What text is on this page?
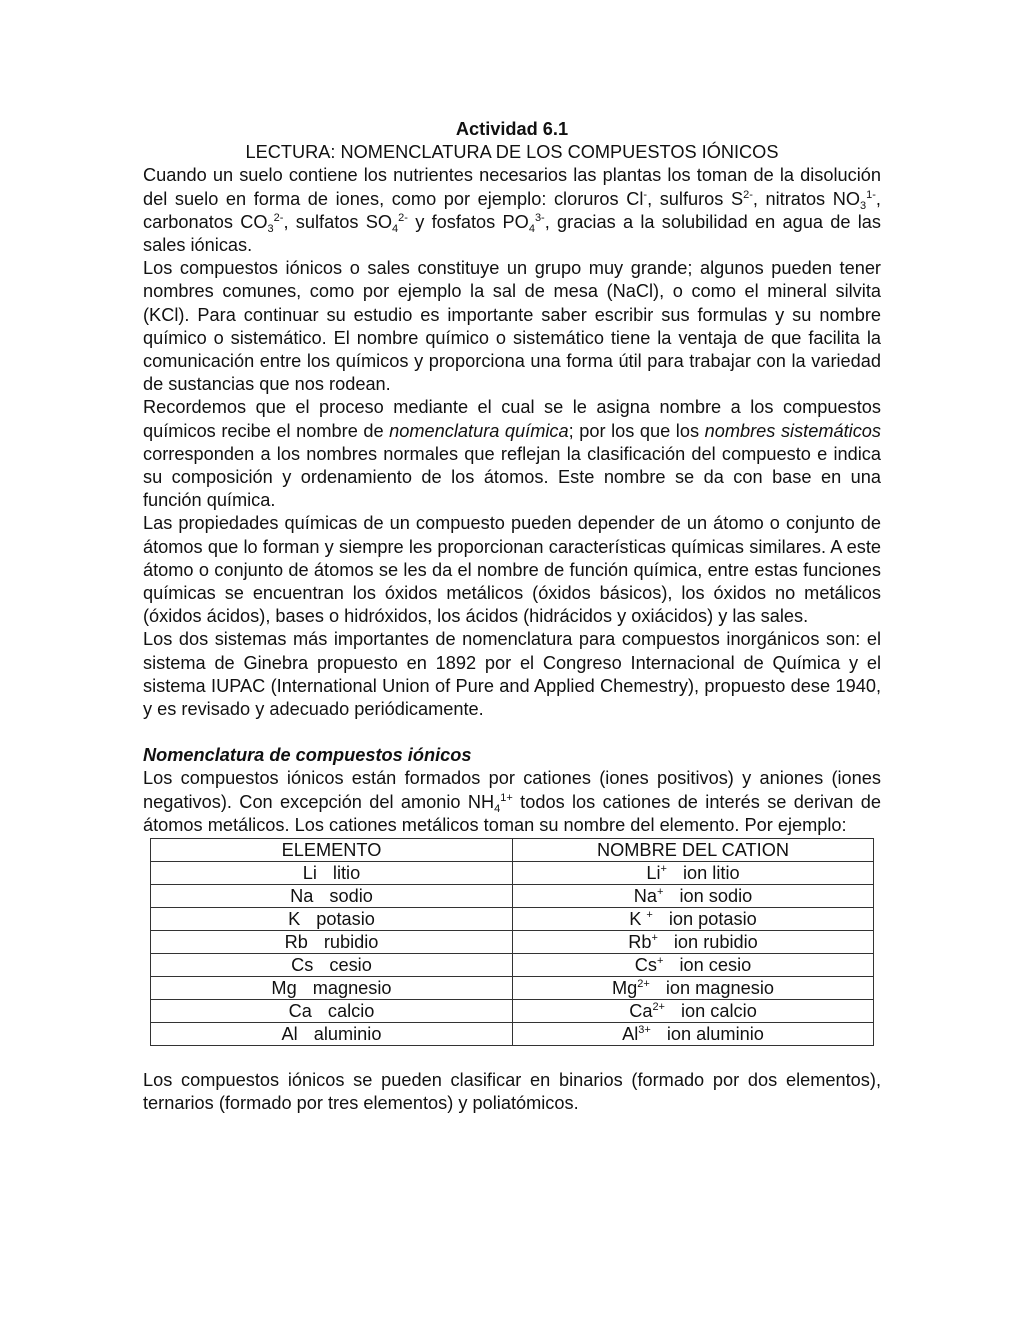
Actividad 6.1

LECTURA: NOMENCLATURA DE LOS COMPUESTOS IÓNICOS

Cuando un suelo contiene los nutrientes necesarios las plantas los toman de la disolución del suelo en forma de iones, como por ejemplo: cloruros Cl-, sulfuros $S^{2-}$, nitratos $NO_3^{1-}$, carbonatos $CO_3^{2-}$, sulfatos $SO_4^{2-}$ y fosfatos $PO_4^{3-}$, gracias a la solubilidad en agua de las sales iónicas.

Los compuestos iónicos o sales constituye un grupo muy grande; algunos pueden tener nombres comunes, como por ejemplo la sal de mesa (NaCl), o como el mineral silvita (KCl). Para continuar su estudio es importante saber escribir sus formulas y su nombre químico o sistemático. El nombre químico o sistemático tiene la ventaja de que facilita la comunicación entre los químicos y proporciona una forma útil para trabajar con la variedad de sustancias que nos rodean.

Recordemos que el proceso mediante el cual se le asigna nombre a los compuestos químicos recibe el nombre de nomenclatura química; por los que los nombres sistemáticos corresponden a los nombres normales que reflejan la clasificación del compuesto e indica su composición y ordenamiento de los átomos. Este nombre se da con base en una función química.

Las propiedades químicas de un compuesto pueden depender de un átomo o conjunto de átomos que lo forman y siempre les proporcionan características químicas similares. A este átomo o conjunto de átomos se les da el nombre de función química, entre estas funciones químicas se encuentran los óxidos metálicos (óxidos básicos), los óxidos no metálicos (óxidos ácidos), bases o hidróxidos, los ácidos (hidrácidos y oxiácidos) y las sales.

Los dos sistemas más importantes de nomenclatura para compuestos inorgánicos son: el sistema de Ginebra propuesto en 1892 por el Congreso Internacional de Química y el sistema IUPAC (International Union of Pure and Applied Chemestry), propuesto dese 1940, y es revisado y adecuado periódicamente.

Nomenclatura de compuestos iónicos

Los compuestos iónicos están formados por cationes (iones positivos) y aniones (iones negativos). Con excepción del amonio $NH_4^{1+}$ todos los cationes de interés se derivan de átomos metálicos. Los cationes metálicos toman su nombre del elemento. Por ejemplo:

ELEMENTO	NOMBRE DEL CATION
Li litio	Li+ ion litio
Na sodio	Na+ ion sodio
K potasio	K + ion potasio
Rb rubidio	Rb+ ion rubidio
Cs cesio	Cs+ ion cesio
Mg magnesio	$Mg^{2+}$ ion magnesio
Ca calcio	$Ca^{2+}$ ion calcio
Al aluminio	$Al^{3+}$ ion aluminio

Los compuestos iónicos se pueden clasificar en binarios (formado por dos elementos), ternarios (formado por tres elementos) y poliatómicos.
